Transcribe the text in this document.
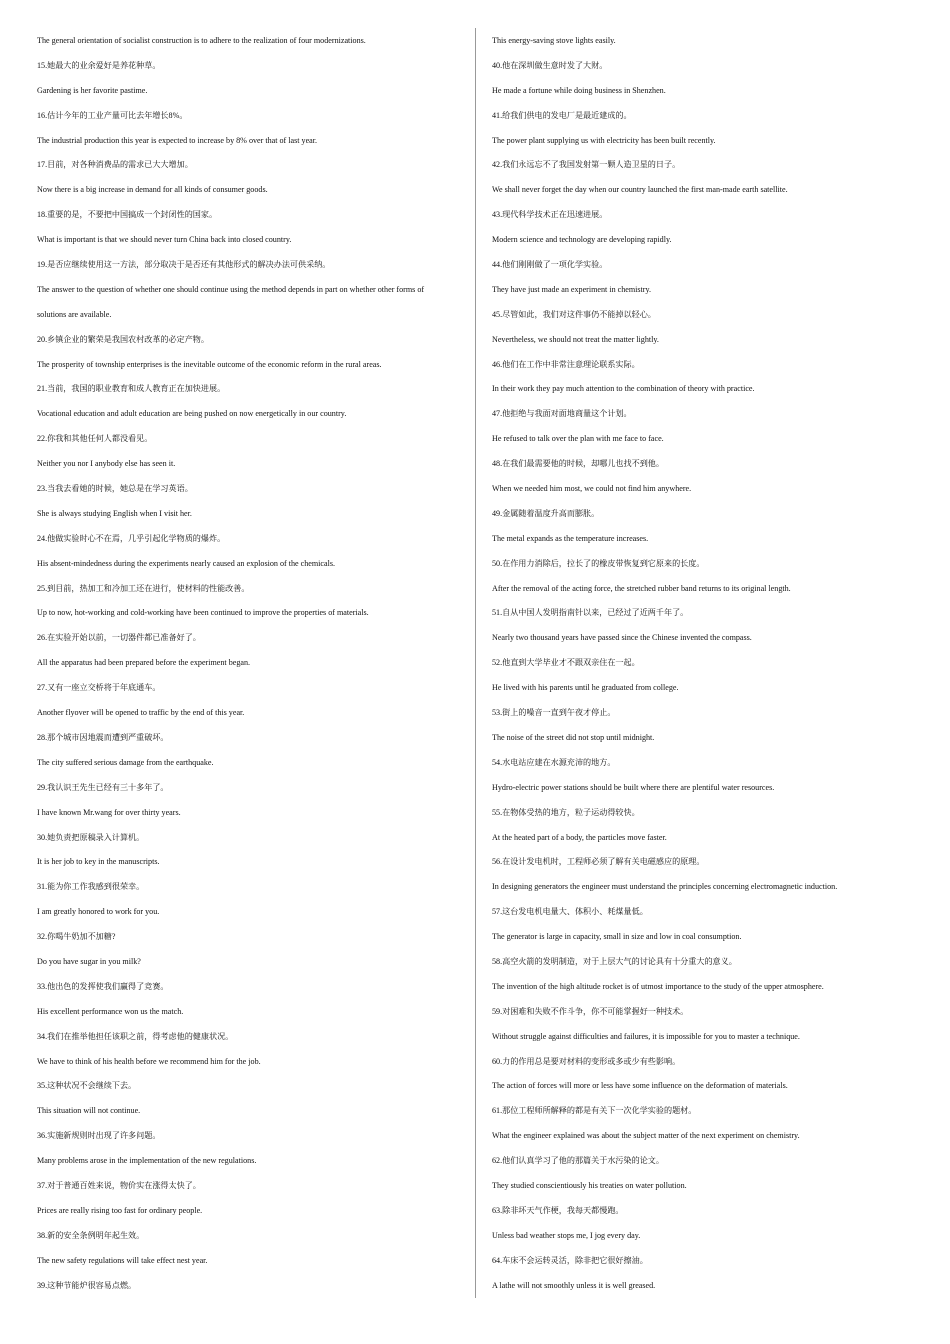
The general orientation of socialist construction is to adhere to the realization of four modernizations.
15.她最大的业余爱好是养花种草。
Gardening is her favorite pastime.
16.估计今年的工业产量可比去年增长8%。
The industrial production this year is expected to increase by 8% over that of last year.
17.目前，对各种消费品的需求已大大增加。
Now there is a big increase in demand for all kinds of consumer goods.
18.重要的是，不要把中国搞成一个封闭性的国家。
What is important is that we should never turn China back into closed country.
19.是否应继续使用这一方法，部分取决于是否还有其他形式的解决办法可供采纳。
The answer to the question of whether one should continue using the method depends in part on whether other forms of
solutions are available.
20.乡镇企业的繁荣是我国农村改革的必定产物。
The prosperity of township enterprises is the inevitable outcome of the economic reform in the rural areas.
21.当前，我国的职业教育和成人教育正在加快进展。
Vocational education and adult education are being pushed on now energetically in our country.
22.你我和其他任何人都没看见。
Neither you nor I anybody else has seen it.
23.当我去看她的时候，她总是在学习英语。
She is always studying English when I visit her.
24.他做实验时心不在焉，几乎引起化学物质的爆炸。
His absent-mindedness during the experiments nearly caused an explosion of the chemicals.
25.到目前，热加工和冷加工还在进行，使材料的性能改善。
Up to now, hot-working and cold-working have been continued to improve the properties of materials.
26.在实验开始以前，一切器件都已准备好了。
All the apparatus had been prepared before the experiment began.
27.又有一座立交桥将于年底通车。
Another flyover will be opened to traffic by the end of this year.
28.那个城市因地震而遭到严重破坏。
The city suffered serious damage from the earthquake.
29.我认识王先生已经有三十多年了。
I have known Mr.wang for over thirty years.
30.她负责把原稿录入计算机。
It is her job to key in the manuscripts.
31.能为你工作我感到很荣幸。
I am greatly honored to work for you.
32.你喝牛奶加不加糖?
Do you have sugar in you milk?
33.他出色的发挥使我们赢得了竞赛。
His excellent performance won us the match.
34.我们在推举他担任该职之前，得考虑他的健康状况。
We have to think of his health before we recommend him for the job.
35.这种状况不会继续下去。
This situation will not continue.
36.实施新规则时出现了许多问题。
Many problems arose in the implementation of the new regulations.
37.对于普通百姓来说，物价实在涨得太快了。
Prices are really rising too fast for ordinary people.
38.新的安全条例明年起生效。
The new safety regulations will take effect nest year.
39.这种节能炉很容易点燃。
This energy-saving stove lights easily.
40.他在深圳做生意时发了大财。
He made a fortune while doing business in Shenzhen.
41.给我们供电的发电厂是最近建成的。
The power plant supplying us with electricity has been built recently.
42.我们永远忘不了我国发射第一颗人造卫星的日子。
We shall never forget the day when our country launched the first man-made earth satellite.
43.现代科学技术正在迅速进展。
Modern science and technology are developing rapidly.
44.他们刚刚做了一项化学实验。
They have just made an experiment in chemistry.
45.尽管如此，我们对这件事仍不能掉以轻心。
Nevertheless, we should not treat the matter lightly.
46.他们在工作中非常注意理论联系实际。
In their work they pay much attention to the combination of theory with practice.
47.他拒绝与我面对面地商量这个计划。
He refused to talk over the plan with me face to face.
48.在我们最需要他的时候，却哪儿也找不到他。
When we needed him most, we could not find him anywhere.
49.金属随着温度升高而膨胀。
The metal expands as the temperature increases.
50.在作用力消除后，拉长了的橡皮带恢复到它原来的长度。
After the removal of the acting force, the stretched rubber band returns to its original length.
51.自从中国人发明指南针以来，已经过了近两千年了。
Nearly two thousand years have passed since the Chinese invented the compass.
52.他直到大学毕业才不跟双亲住在一起。
He lived with his parents until he graduated from college.
53.街上的噪音一直到午夜才停止。
The noise of the street did not stop until midnight.
54.水电站应建在水源充沛的地方。
Hydro-electric power stations should be built where there are plentiful water resources.
55.在物体受热的地方，粒子运动得较快。
At the heated part of a body, the particles move faster.
56.在设计发电机时，工程师必须了解有关电磁感应的原理。
In designing generators the engineer must understand the principles concerning electromagnetic induction.
57.这台发电机电量大、体积小、耗煤量低。
The generator is large in capacity, small in size and low in coal consumption.
58.高空火箭的发明制造，对于上层大气的讨论具有十分重大的意义。
The invention of the high altitude rocket is of utmost importance to the study of the upper atmosphere.
59.对困难和失败不作斗争，你不可能掌握好一种技术。
Without struggle against difficulties and failures, it is impossible for you to master a technique.
60.力的作用总是要对材料的变形或多或少有些影响。
The action of forces will more or less have some influence on the deformation of materials.
61.那位工程师所解释的都是有关下一次化学实验的题材。
What the engineer explained was about the subject matter of the next experiment on chemistry.
62.他们认真学习了他的那篇关于水污染的论文。
They studied conscientiously his treaties on water pollution.
63.除非坏天气作梗，我每天都慢跑。
Unless bad weather stops me, I jog every day.
64.车床不会运转灵活，除非把它很好擦油。
A lathe will not smoothly unless it is well greased.
